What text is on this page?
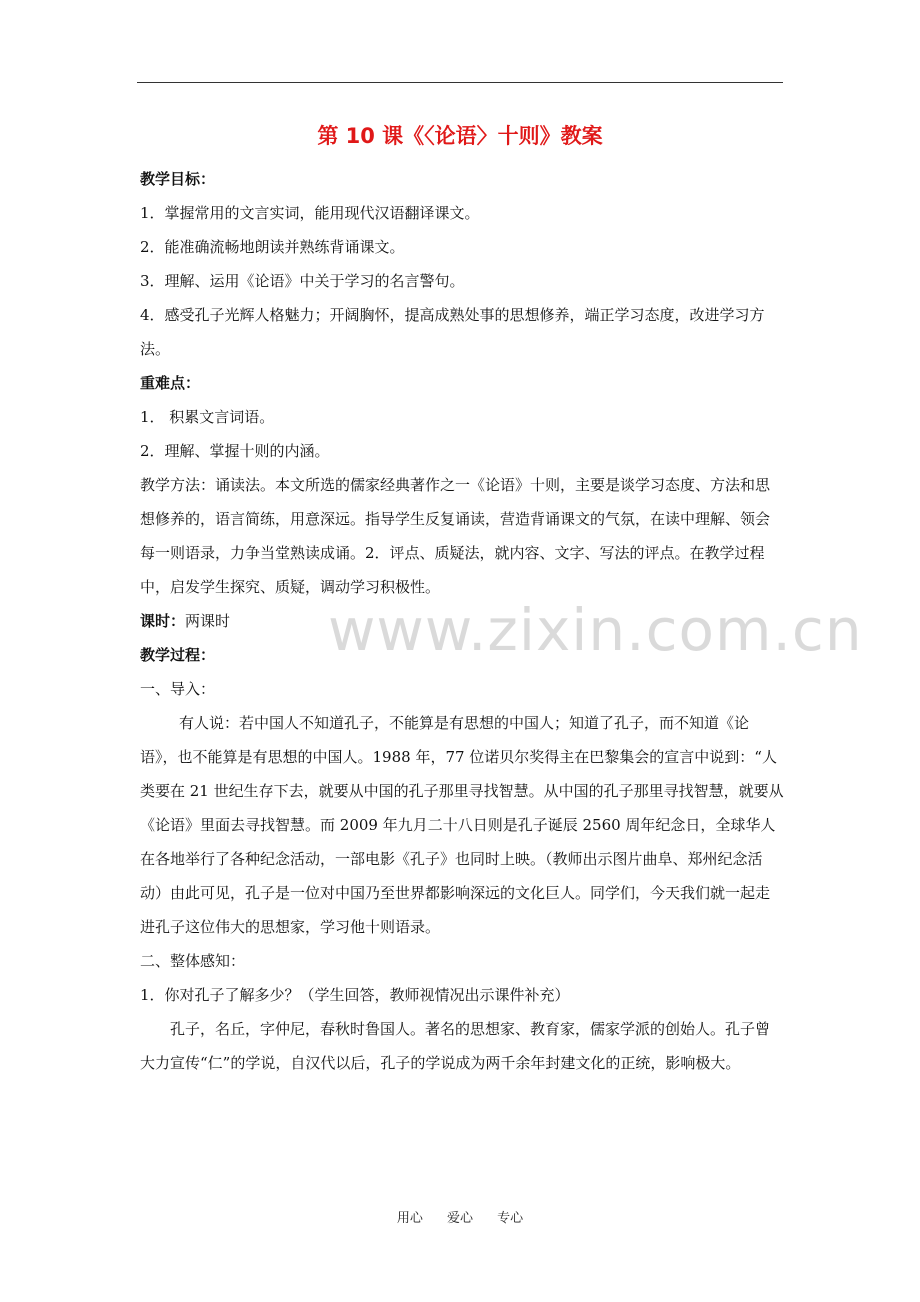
第 10 课《〈论语〉十则》教案

教学目标：

1．掌握常用的文言实词，能用现代汉语翻译课文。

2．能准确流畅地朗读并熟练背诵课文。

3．理解、运用《论语》中关于学习的名言警句。

4．感受孔子光辉人格魅力；开阔胸怀，提高成熟处事的思想修养，端正学习态度，改进学习方法。

重难点：

1． 积累文言词语。

2．理解、掌握十则的内涵。

教学方法：诵读法。本文所选的儒家经典著作之一《论语》十则，主要是谈学习态度、方法和思想修养的，语言简练，用意深远。指导学生反复诵读，营造背诵课文的气氛，在读中理解、领会每一则语录，力争当堂熟读成诵。2．评点、质疑法，就内容、文字、写法的评点。在教学过程中，启发学生探究、质疑，调动学习积极性。

课时：两课时

教学过程：

一、导入：

有人说：若中国人不知道孔子，不能算是有思想的中国人；知道了孔子，而不知道《论语》，也不能算是有思想的中国人。1988 年，77 位诺贝尔奖得主在巴黎集会的宣言中说到：“人类要在 21 世纪生存下去，就要从中国的孔子那里寻找智慧。从中国的孔子那里寻找智慧，就要从《论语》里面去寻找智慧。而 2009 年九月二十八日则是孔子诞辰 2560 周年纪念日，全球华人在各地举行了各种纪念活动，一部电影《孔子》也同时上映。（教师出示图片曲阜、郑州纪念活动）由此可见，孔子是一位对中国乃至世界都影响深远的文化巨人。同学们，今天我们就一起走进孔子这位伟大的思想家，学习他十则语录。

二、整体感知：

1．你对孔子了解多少？（学生回答，教师视情况出示课件补充）

孔子，名丘，字仲尼，春秋时鲁国人。著名的思想家、教育家，儒家学派的创始人。孔子曾大力宣传“仁”的学说，自汉代以后，孔子的学说成为两千余年封建文化的正统，影响极大。

www.zixin.com.cn
用心 爱心 专心
